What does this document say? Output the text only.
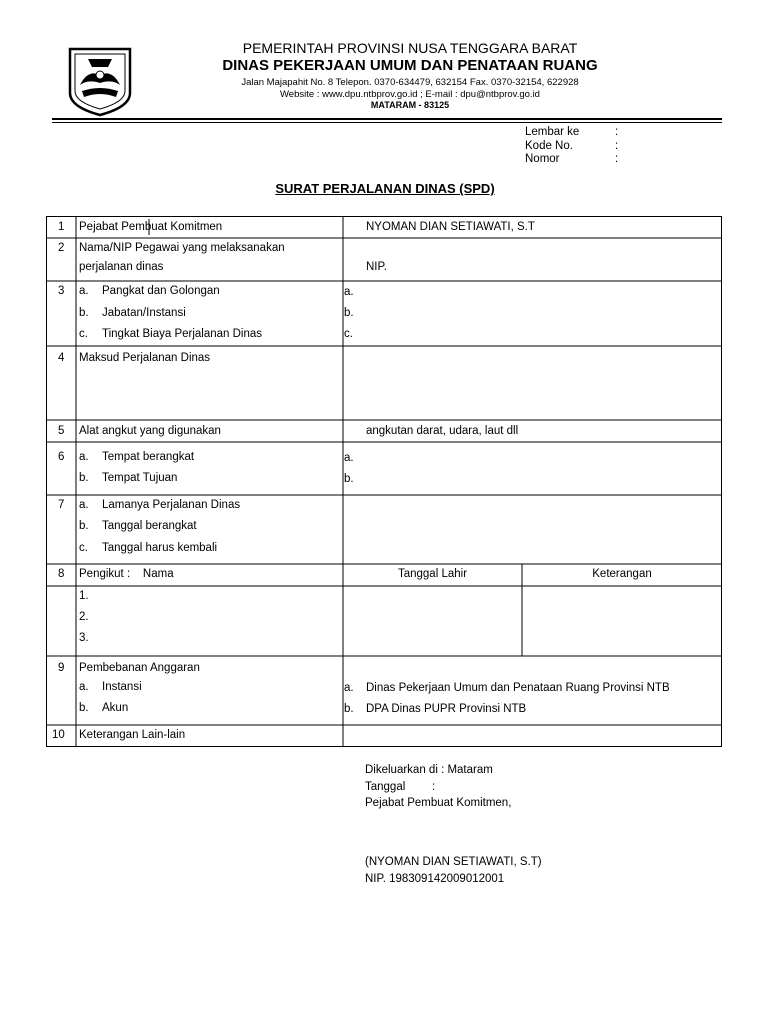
PEMERINTAH PROVINSI NUSA TENGGARA BARAT
DINAS PEKERJAAN UMUM DAN PENATAAN RUANG
Jalan Majapahit No. 8 Telepon. 0370-634479, 632154 Fax. 0370-32154, 622928
Website : www.dpu.ntbprov.go.id ; E-mail : dpu@ntbprov.go.id
MATARAM - 83125
Lembar ke	:
Kode No.	:
Nomor	:
SURAT PERJALANAN DINAS (SPD)
1 Pejabat Pembuat Komitmen	NYOMAN DIAN SETIAWATI, S.T
2 Nama/NIP Pegawai yang melaksanakan
perjalanan dinas	NIP.
3 a. Pangkat dan Golongan	a.
b. Jabatan/Instansi	b.
c. Tingkat Biaya Perjalanan Dinas	c.
4 Maksud Perjalanan Dinas
5 Alat angkut yang digunakan	angkutan darat, udara, laut dll
6 a. Tempat berangkat	a.
b. Tempat Tujuan	b.
7 a. Lamanya Perjalanan Dinas
b. Tanggal berangkat
c. Tanggal harus kembali
8 Pengikut :    Nama	Tanggal Lahir	Keterangan
1.
2.
3.
9 Pembebanan Anggaran
a. Instansi	a. Dinas Pekerjaan Umum dan Penataan Ruang Provinsi NTB
b. Akun	b. DPA Dinas PUPR Provinsi NTB
10 Keterangan Lain-lain
Dikeluarkan di : Mataram
Tanggal :
Pejabat Pembuat Komitmen,
(NYOMAN DIAN SETIAWATI, S.T)
NIP. 198309142009012001
